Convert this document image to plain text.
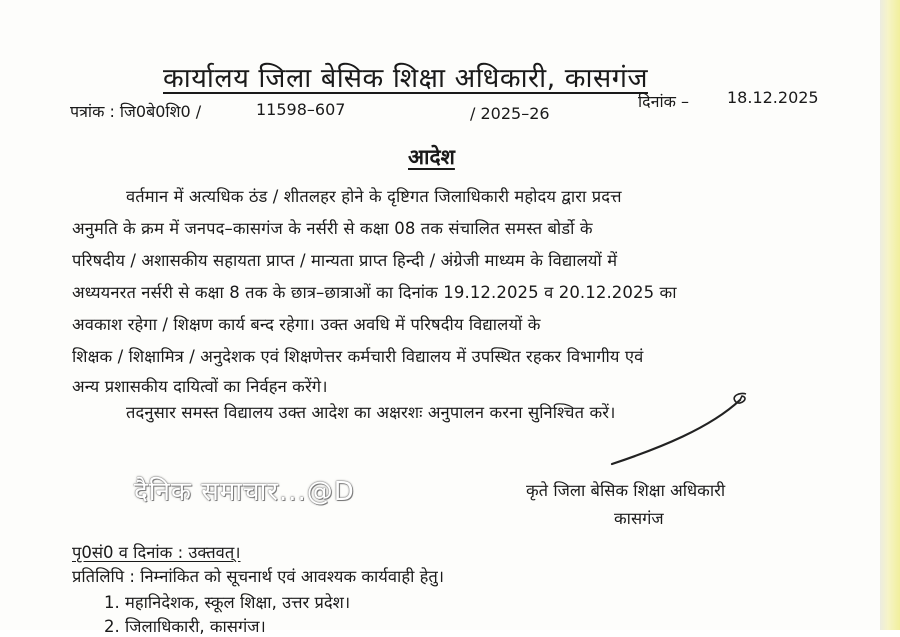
कार्यालय जिला बेसिक शिक्षा अधिकारी, कासगंज
पत्रांक : जि0बे0शि0 /	11598–607	/ 2025–26
दिनांक – 18.12.2025
आदेश
वर्तमान में अत्यधिक ठंड / शीतलहर होने के दृष्टिगत जिलाधिकारी महोदय द्वारा प्रदत्त
अनुमति के क्रम में जनपद–कासगंज के नर्सरी से कक्षा 08 तक संचालित समस्त बोर्डो के
परिषदीय / अशासकीय सहायता प्राप्त / मान्यता प्राप्त हिन्दी / अंग्रेजी माध्यम के विद्यालयों में
अध्ययनरत नर्सरी से कक्षा 8 तक के छात्र–छात्राओं का दिनांक 19.12.2025 व 20.12.2025 का
अवकाश रहेगा / शिक्षण कार्य बन्द रहेगा। उक्त अवधि में परिषदीय विद्यालयों के
शिक्षक / शिक्षामित्र / अनुदेशक एवं शिक्षणेत्तर कर्मचारी विद्यालय में उपस्थित रहकर विभागीय एवं
अन्य प्रशासकीय दायित्वों का निर्वहन करेंगे।
तदनुसार समस्त विद्यालय उक्त आदेश का अक्षरशः अनुपालन करना सुनिश्चित करें।
दैनिक समाचार...@D	कृते जिला बेसिक शिक्षा अधिकारी
कासगंज
पृ0सं0 व दिनांक : उक्तवत्।
प्रतिलिपि : निम्नांकित को सूचनार्थ एवं आवश्यक कार्यवाही हेतु।
1. महानिदेशक, स्कूल शिक्षा, उत्तर प्रदेश।
2. जिलाधिकारी, कासगंज।
